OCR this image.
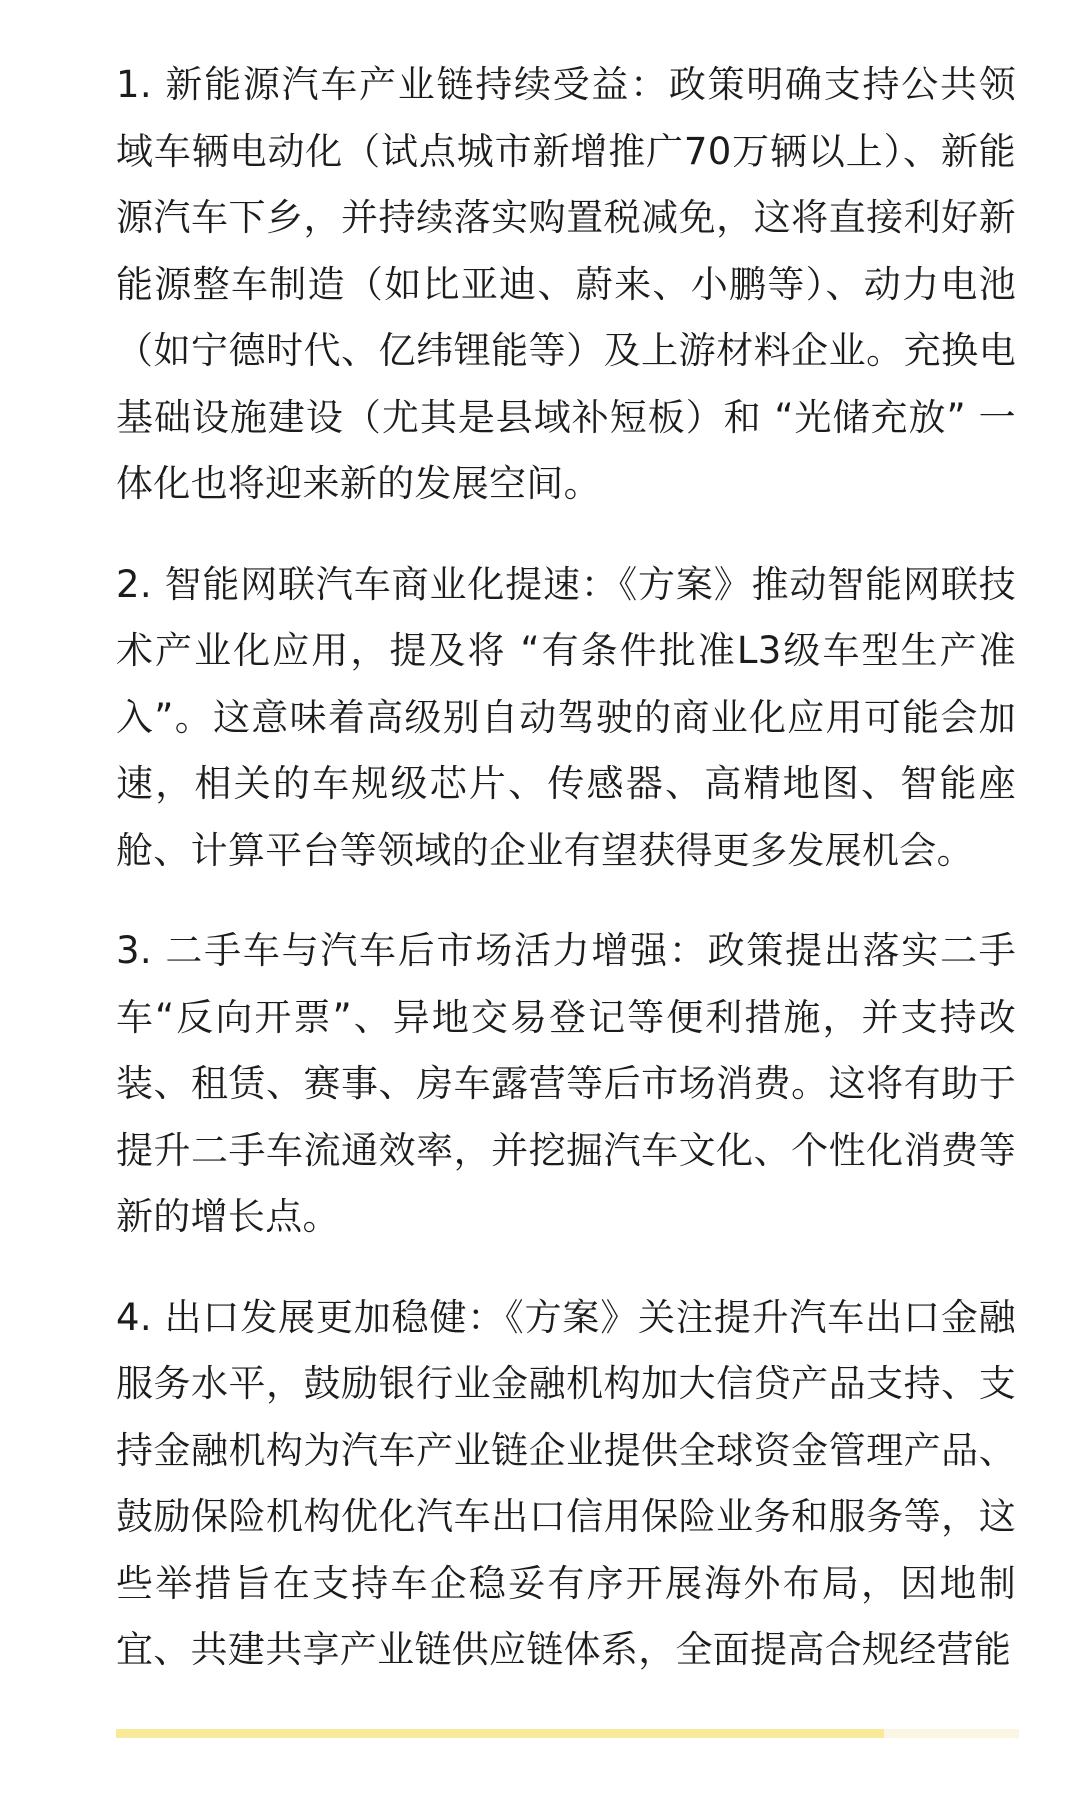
1. 新能源汽车产业链持续受益：政策明确支持公共领域车辆电动化（试点城市新增推广70万辆以上）、新能源汽车下乡，并持续落实购置税减免，这将直接利好新能源整车制造（如比亚迪、蔚来、小鹏等）、动力电池（如宁德时代、亿纬锂能等）及上游材料企业。充换电基础设施建设（尤其是县域补短板）和 “光储充放” 一体化也将迎来新的发展空间。

2. 智能网联汽车商业化提速：《方案》推动智能网联技术产业化应用，提及将 “有条件批准L3级车型生产准入”。这意味着高级别自动驾驶的商业化应用可能会加速，相关的车规级芯片、传感器、高精地图、智能座舱、计算平台等领域的企业有望获得更多发展机会。

3. 二手车与汽车后市场活力增强：政策提出落实二手车“反向开票”、异地交易登记等便利措施，并支持改装、租赁、赛事、房车露营等后市场消费。这将有助于提升二手车流通效率，并挖掘汽车文化、个性化消费等新的增长点。

4. 出口发展更加稳健：《方案》关注提升汽车出口金融服务水平，鼓励银行业金融机构加大信贷产品支持、支持金融机构为汽车产业链企业提供全球资金管理产品、鼓励保险机构优化汽车出口信用保险业务和服务等，这些举措旨在支持车企稳妥有序开展海外布局，因地制宜、共建共享产业链供应链体系，全面提高合规经营能
